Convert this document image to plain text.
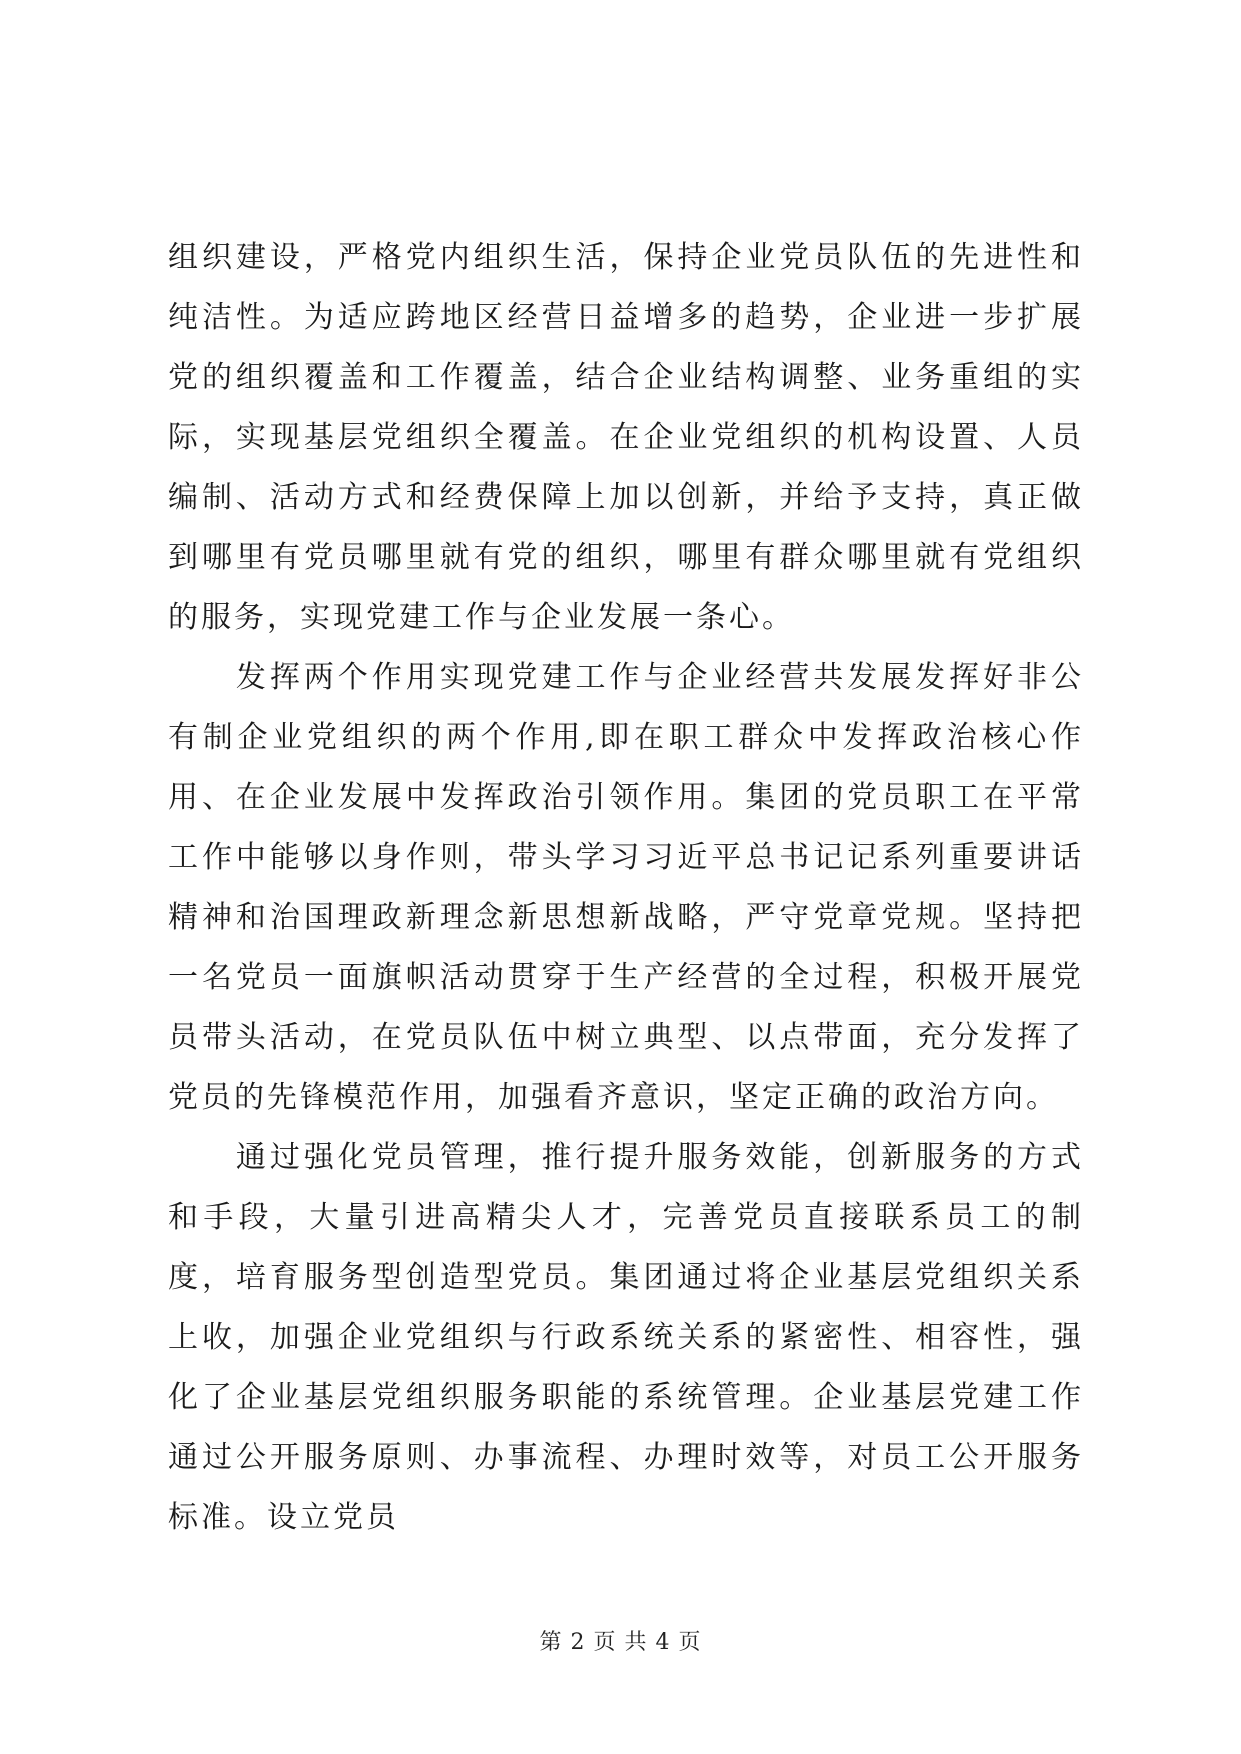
组织建设，严格党内组织生活，保持企业党员队伍的先进性和纯洁性。为适应跨地区经营日益增多的趋势，企业进一步扩展党的组织覆盖和工作覆盖，结合企业结构调整、业务重组的实际，实现基层党组织全覆盖。在企业党组织的机构设置、人员编制、活动方式和经费保障上加以创新，并给予支持，真正做到哪里有党员哪里就有党的组织，哪里有群众哪里就有党组织的服务，实现党建工作与企业发展一条心。

　　发挥两个作用实现党建工作与企业经营共发展发挥好非公有制企业党组织的两个作用,即在职工群众中发挥政治核心作用、在企业发展中发挥政治引领作用。集团的党员职工在平常工作中能够以身作则，带头学习习近平总书记记系列重要讲话精神和治国理政新理念新思想新战略，严守党章党规。坚持把一名党员一面旗帜活动贯穿于生产经营的全过程，积极开展党员带头活动，在党员队伍中树立典型、以点带面，充分发挥了党员的先锋模范作用，加强看齐意识，坚定正确的政治方向。

　　通过强化党员管理，推行提升服务效能，创新服务的方式和手段，大量引进高精尖人才，完善党员直接联系员工的制度，培育服务型创造型党员。集团通过将企业基层党组织关系上收，加强企业党组织与行政系统关系的紧密性、相容性，强化了企业基层党组织服务职能的系统管理。企业基层党建工作通过公开服务原则、办事流程、办理时效等，对员工公开服务标准。设立党员

第 2 页 共 4 页
